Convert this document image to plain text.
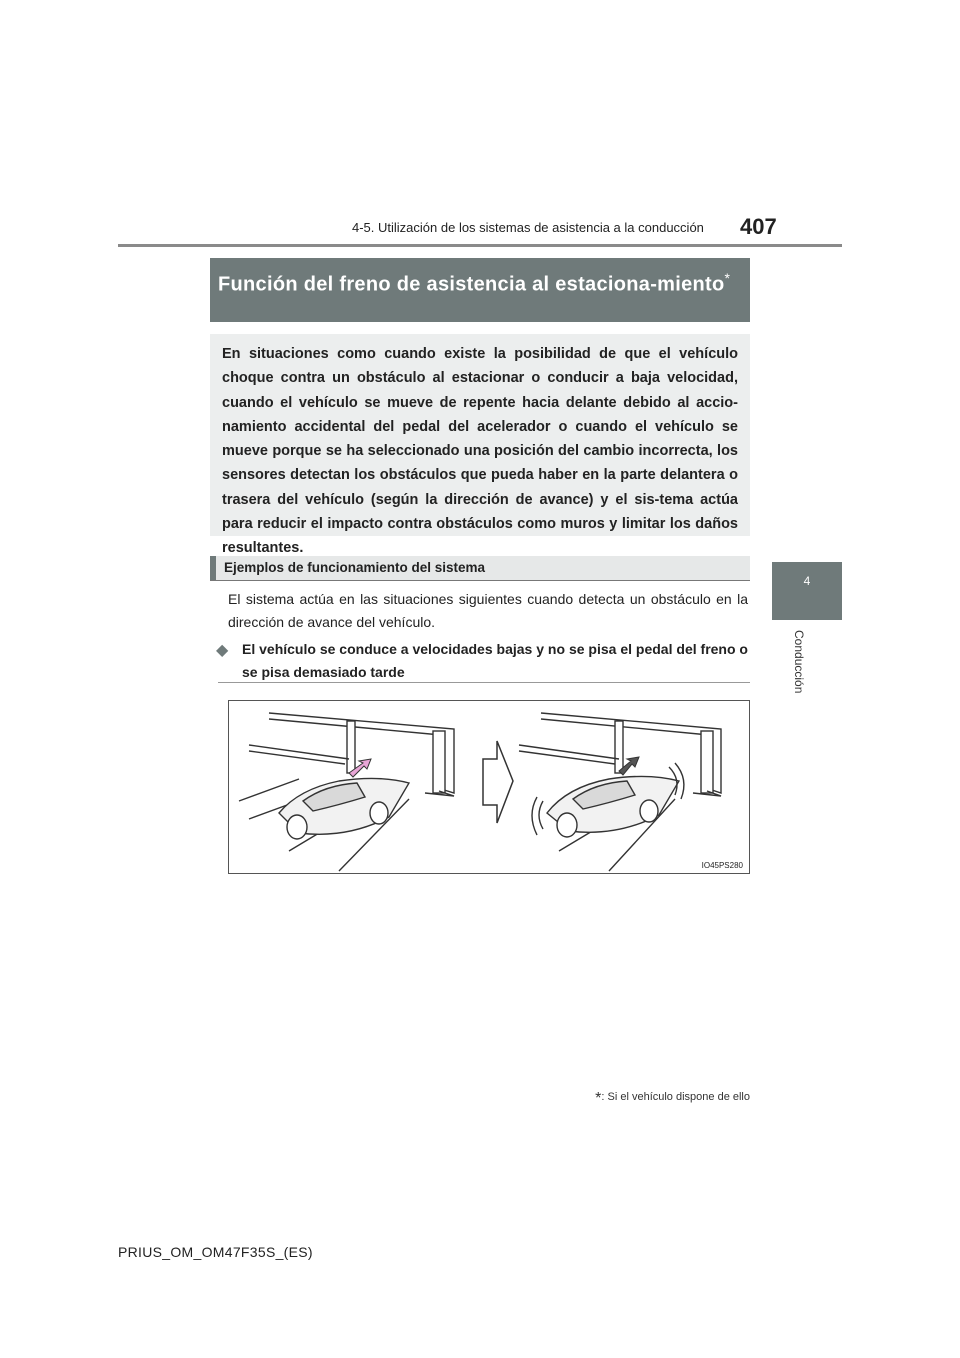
4-5. Utilización de los sistemas de asistencia a la conducción 407
4
Conducción
Función del freno de asistencia al estaciona-miento*
En situaciones como cuando existe la posibilidad de que el vehículo choque contra un obstáculo al estacionar o conducir a baja velocidad, cuando el vehículo se mueve de repente hacia delante debido al accio-namiento accidental del pedal del acelerador o cuando el vehículo se mueve porque se ha seleccionado una posición del cambio incorrecta, los sensores detectan los obstáculos que pueda haber en la parte delantera o trasera del vehículo (según la dirección de avance) y el sis-tema actúa para reducir el impacto contra obstáculos como muros y limitar los daños resultantes.
Ejemplos de funcionamiento del sistema
El sistema actúa en las situaciones siguientes cuando detecta un obstáculo en la dirección de avance del vehículo.
◆ El vehículo se conduce a velocidades bajas y no se pisa el pedal del freno o se pisa demasiado tarde
IO45PS280
*: Si el vehículo dispone de ello
PRIUS_OM_OM47F35S_(ES)
